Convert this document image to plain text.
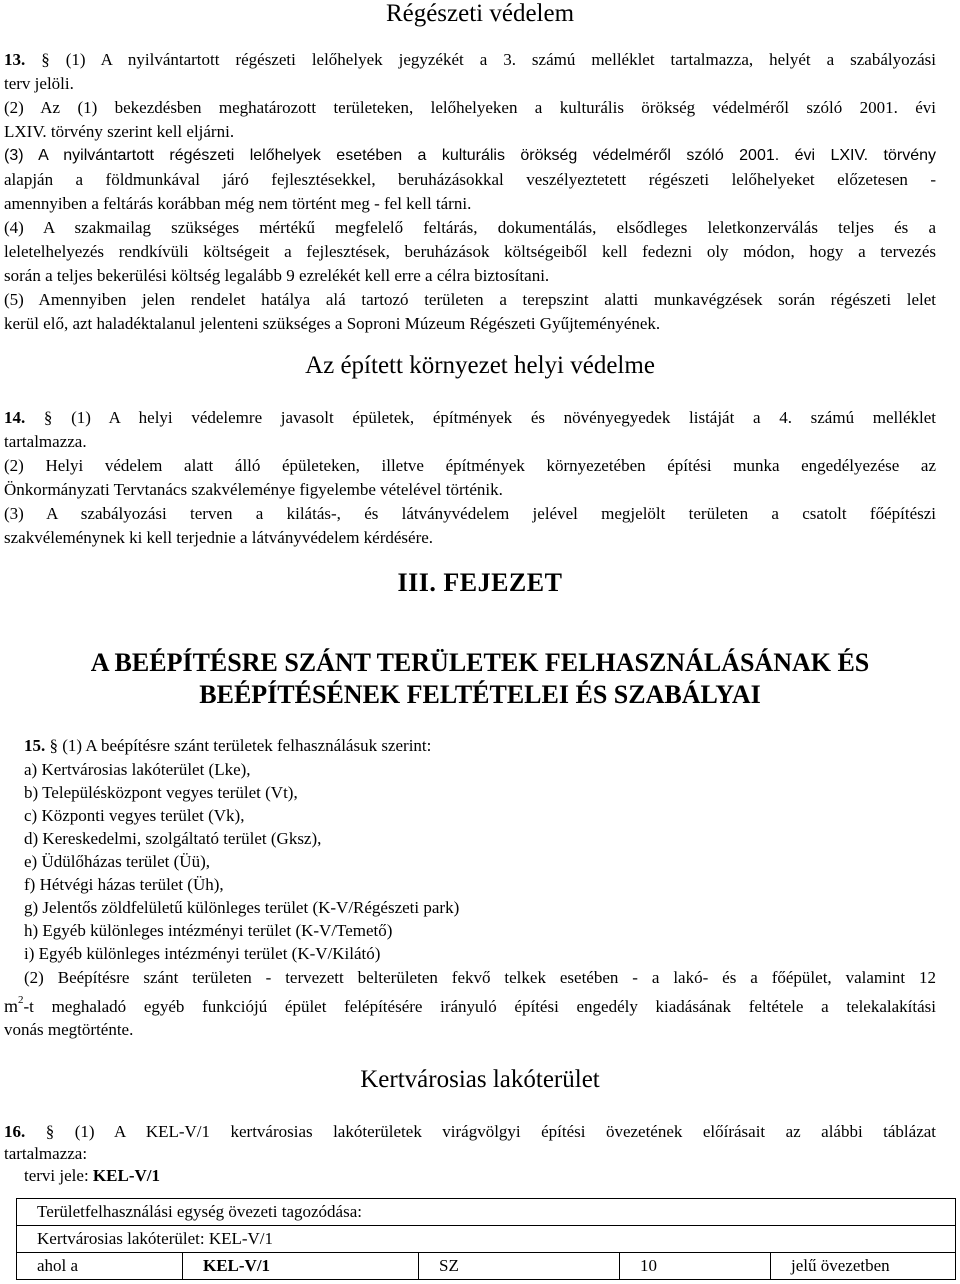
Régészeti védelem
13. § (1) A nyilvántartott régészeti lelőhelyek jegyzékét a 3. számú melléklet tartalmazza, helyét a szabályozási
terv jelöli.
(2) Az (1) bekezdésben meghatározott területeken, lelőhelyeken a kulturális örökség védelméről szóló 2001. évi
LXIV. törvény szerint kell eljárni.
(3) A nyilvántartott régészeti lelőhelyek esetében a kulturális örökség védelméről szóló 2001. évi LXIV. törvény
alapján a földmunkával járó fejlesztésekkel, beruházásokkal veszélyeztetett régészeti lelőhelyeket előzetesen -
amennyiben a feltárás korábban még nem történt meg - fel kell tárni.
(4) A szakmailag szükséges mértékű megfelelő feltárás, dokumentálás, elsődleges leletkonzerválás teljes és a
leletelhelyezés rendkívüli költségeit a fejlesztések, beruházások költségeiből kell fedezni oly módon, hogy a tervezés
során a teljes bekerülési költség legalább 9 ezrelékét kell erre a célra biztosítani.
(5) Amennyiben jelen rendelet hatálya alá tartozó területen a terepszint alatti munkavégzések során régészeti lelet
kerül elő, azt haladéktalanul jelenteni szükséges a Soproni Múzeum Régészeti Gyűjteményének.
Az épített környezet helyi védelme
14. § (1) A helyi védelemre javasolt épületek, építmények és növényegyedek listáját a 4. számú melléklet
tartalmazza.
(2) Helyi védelem alatt álló épületeken, illetve építmények környezetében építési munka engedélyezése az
Önkormányzati Tervtanács szakvéleménye figyelembe vételével történik.
(3) A szabályozási terven a kilátás-, és látványvédelem jelével megjelölt területen a csatolt főépítészi
szakvéleménynek ki kell terjednie a látványvédelem kérdésére.
III. FEJEZET
A BEÉPÍTÉSRE SZÁNT TERÜLETEK FELHASZNÁLÁSÁNAK ÉS
BEÉPÍTÉSÉNEK FELTÉTELEI ÉS SZABÁLYAI
15. § (1) A beépítésre szánt területek felhasználásuk szerint:
a) Kertvárosias lakóterület (Lke),
b) Településközpont vegyes terület (Vt),
c) Központi vegyes terület (Vk),
d) Kereskedelmi, szolgáltató terület (Gksz),
e) Üdülőházas terület (Üü),
f) Hétvégi házas terület (Üh),
g) Jelentős zöldfelületű különleges terület (K-V/Régészeti park)
h) Egyéb különleges intézményi terület (K-V/Temető)
i) Egyéb különleges intézményi terület (K-V/Kilátó)
(2) Beépítésre szánt területen - tervezett belterületen fekvő telkek esetében - a lakó- és a főépület, valamint 12
$m^2-t$ meghaladó egyéb funkciójú épület felépítésére irányuló építési engedély kiadásának feltétele a telekalakítási
vonás megtörténte.
Kertvárosias lakóterület
16. § (1) A KEL-V/1 kertvárosias lakóterületek virágvölgyi építési övezetének előírásait az alábbi táblázat
tartalmazza:
tervi jele: KEL-V/1
Területfelhasználási egység övezeti tagozódása:
Kertvárosias lakóterület: KEL-V/1
ahol a	KEL-V/1	SZ	10	jelű övezetben
